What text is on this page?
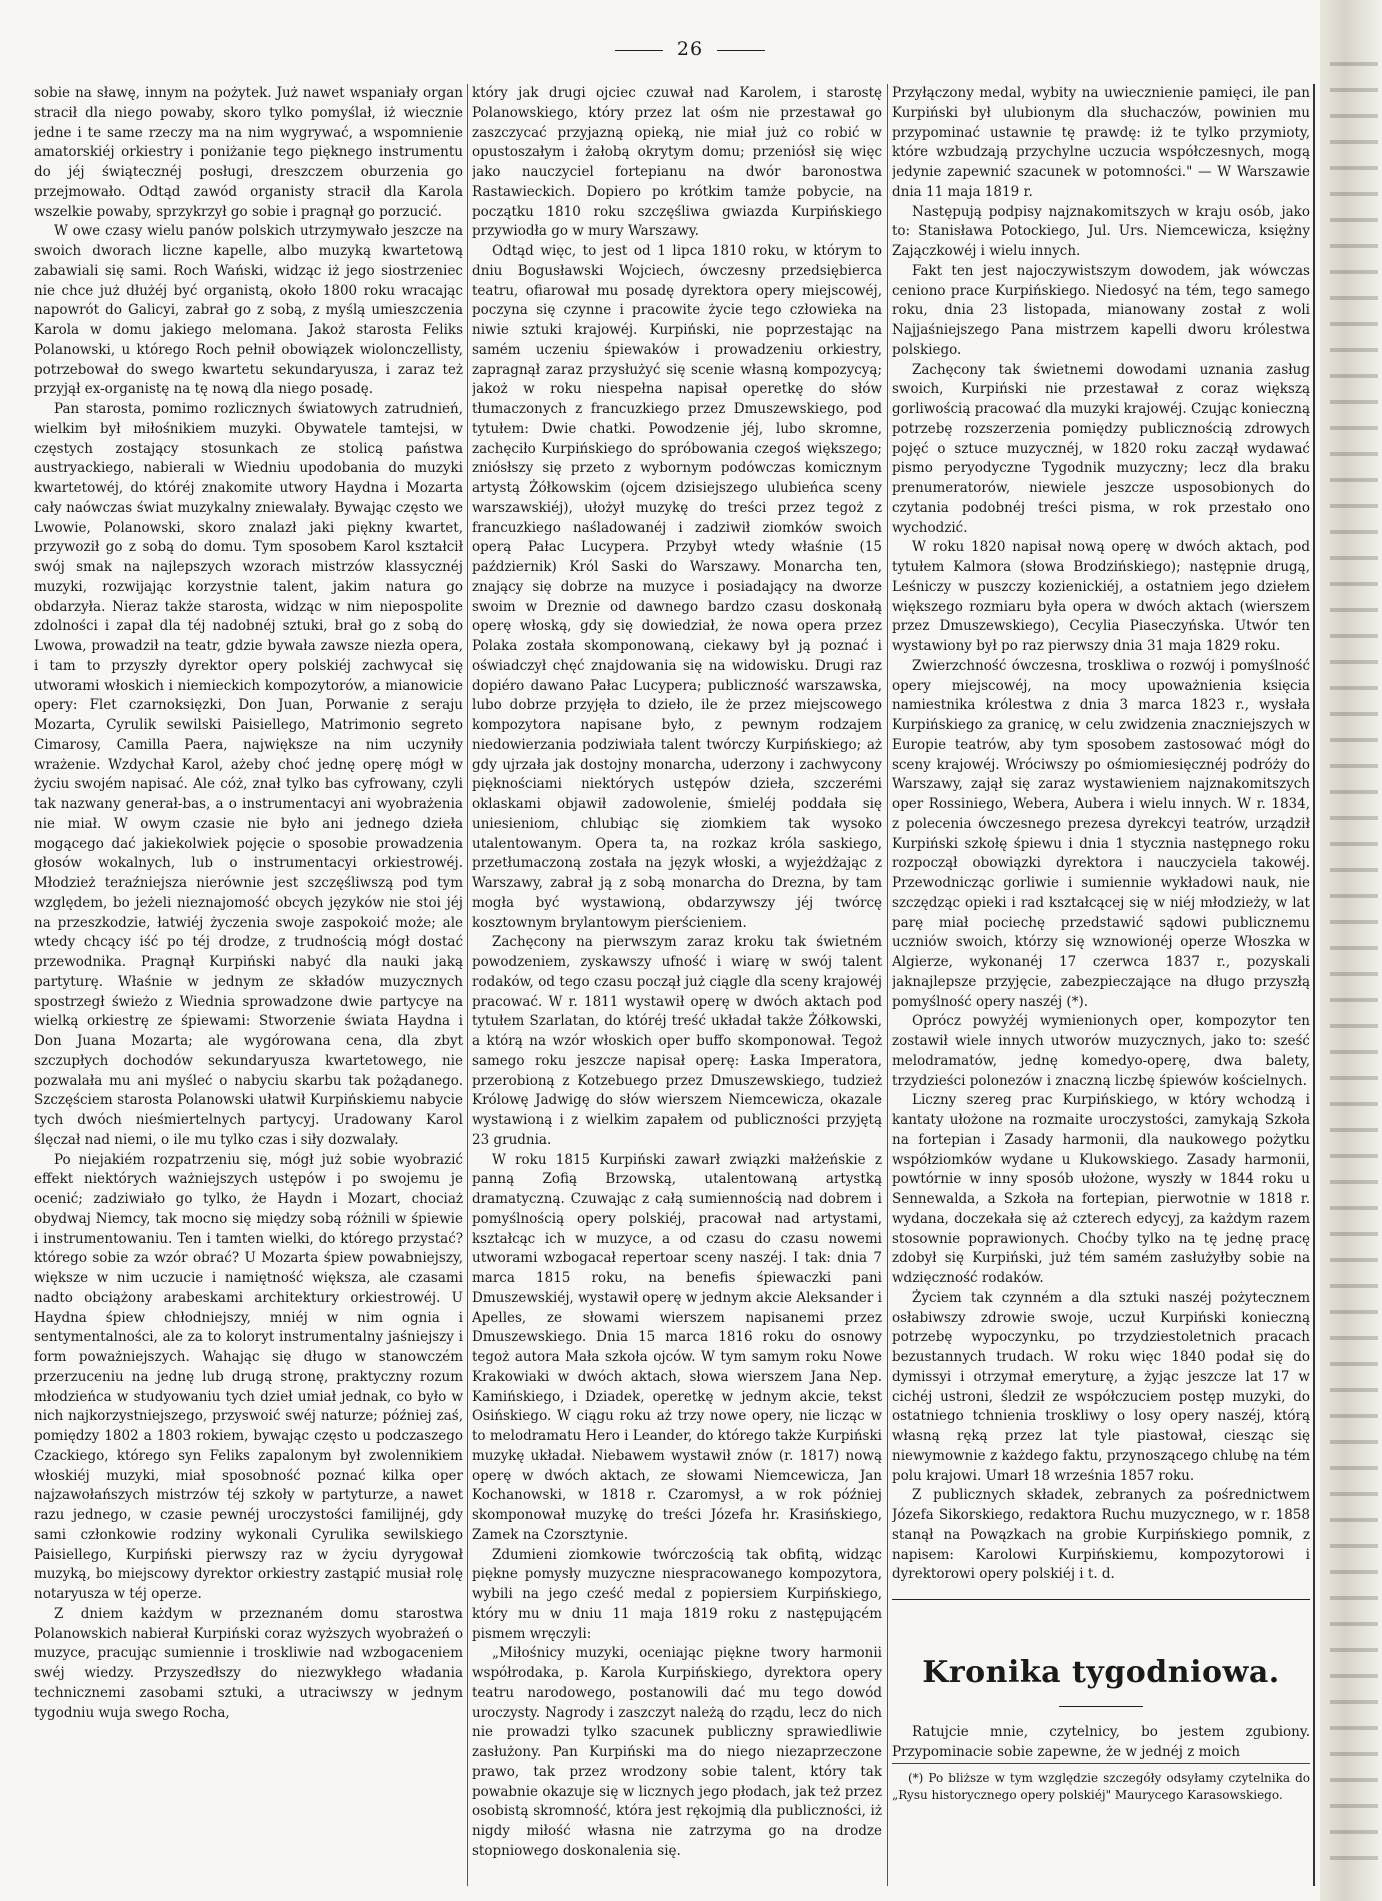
26

sobie na sławę, innym na pożytek. Już nawet wspaniały organ stracił dla niego powaby, skoro tylko pomyślał, iż wiecznie jedne i te same rzeczy ma na nim wygrywać, a wspomnienie amatorskiéj orkiestry i poniżanie tego pięknego instrumentu do jéj świątecznéj posługi, dreszczem oburzenia go przejmowało. Odtąd zawód organisty stracił dla Karola wszelkie powaby, sprzykrzył go sobie i pragnął go porzucić.

W owe czasy wielu panów polskich utrzymywało jeszcze na swoich dworach liczne kapelle, albo muzyką kwartetową zabawiali się sami. Roch Wański, widząc iż jego siostrzeniec nie chce już dłużéj być organistą, około 1800 roku wracając napowrót do Galicyi, zabrał go z sobą, z myślą umieszczenia Karola w domu jakiego melomana. Jakoż starosta Feliks Polanowski, u którego Roch pełnił obowiązek wiolonczellisty, potrzebował do swego kwartetu sekundaryusza, i zaraz też przyjął ex-organistę na tę nową dla niego posadę.

Pan starosta, pomimo rozlicznych światowych zatrudnień, wielkim był miłośnikiem muzyki. Obywatele tamtejsi, w częstych zostający stosunkach ze stolicą państwa austryackiego, nabierali w Wiedniu upodobania do muzyki kwartetowéj, do któréj znakomite utwory Haydna i Mozarta cały naówczas świat muzykalny zniewalały. Bywając często we Lwowie, Polanowski, skoro znalazł jaki piękny kwartet, przywoził go z sobą do domu. Tym sposobem Karol kształcił swój smak na najlepszych wzorach mistrzów klassycznéj muzyki, rozwijając korzystnie talent, jakim natura go obdarzyła. Nieraz także starosta, widząc w nim niepospolite zdolności i zapał dla téj nadobnéj sztuki, brał go z sobą do Lwowa, prowadził na teatr, gdzie bywała zawsze niezła opera, i tam to przyszły dyrektor opery polskiéj zachwycał się utworami włoskich i niemieckich kompozytorów, a mianowicie opery: Flet czarnoksięzki, Don Juan, Porwanie z seraju Mozarta, Cyrulik sewilski Paisiellego, Matrimonio segreto Cimarosy, Camilla Paera, największe na nim uczyniły wrażenie. Wzdychał Karol, ażeby choć jednę operę mógł w życiu swojém napisać. Ale cóż, znał tylko bas cyfrowany, czyli tak nazwany generał-bas, a o instrumentacyi ani wyobrażenia nie miał. W owym czasie nie było ani jednego dzieła mogącego dać jakiekolwiek pojęcie o sposobie prowadzenia głosów wokalnych, lub o instrumentacyi orkiestrowéj. Młodzież teraźniejsza nierównie jest szczęśliwszą pod tym względem, bo jeżeli nieznajomość obcych języków nie stoi jéj na przeszkodzie, łatwiéj życzenia swoje zaspokoić może; ale wtedy chcący iść po téj drodze, z trudnością mógł dostać przewodnika. Pragnął Kurpiński nabyć dla nauki jaką partyturę. Właśnie w jednym ze składów muzycznych spostrzegł świeżo z Wiednia sprowadzone dwie partycye na wielką orkiestrę ze śpiewami: Stworzenie świata Haydna i Don Juana Mozarta; ale wygórowana cena, dla zbyt szczupłych dochodów sekundaryusza kwartetowego, nie pozwalała mu ani myśleć o nabyciu skarbu tak pożądanego. Szczęściem starosta Polanowski ułatwił Kurpińskiemu nabycie tych dwóch nieśmiertelnych partycyj. Uradowany Karol ślęczał nad niemi, o ile mu tylko czas i siły dozwalały.

Po niejakiém rozpatrzeniu się, mógł już sobie wyobrazić effekt niektórych ważniejszych ustępów i po swojemu je ocenić; zadziwiało go tylko, że Haydn i Mozart, chociaż obydwaj Niemcy, tak mocno się między sobą różnili w śpiewie i instrumentowaniu. Ten i tamten wielki, do którego przystać? którego sobie za wzór obrać? U Mozarta śpiew powabniejszy, większe w nim uczucie i namiętność większa, ale czasami nadto obciążony arabeskami architektury orkiestrowéj. U Haydna śpiew chłodniejszy, mniéj w nim ognia i sentymentalności, ale za to koloryt instrumentalny jaśniejszy i form poważniejszych. Wahając się długo w stanowczém przerzuceniu na jednę lub drugą stronę, praktyczny rozum młodzieńca w studyowaniu tych dzieł umiał jednak, co było w nich najkorzystniejszego, przyswoić swéj naturze; później zaś, pomiędzy 1802 a 1803 rokiem, bywając często u podczaszego Czackiego, którego syn Feliks zapalonym był zwolennikiem włoskiéj muzyki, miał sposobność poznać kilka oper najzawołańszych mistrzów téj szkoły w partyturze, a nawet razu jednego, w czasie pewnéj uroczystości familijnéj, gdy sami członkowie rodziny wykonali Cyrulika sewilskiego Paisiellego, Kurpiński pierwszy raz w życiu dyrygował muzyką, bo miejscowy dyrektor orkiestry zastąpić musiał rolę notaryusza w téj operze.

Z dniem każdym w przeznaném domu starostwa Polanowskich nabierał Kurpiński coraz wyższych wyobrażeń o muzyce, pracując sumiennie i troskliwie nad wzbogaceniem swéj wiedzy. Przyszedłszy do niezwykłego władania technicznemi zasobami sztuki, a utraciwszy w jednym tygodniu wuja swego Rocha,

który jak drugi ojciec czuwał nad Karolem, i starostę Polanowskiego, który przez lat ośm nie przestawał go zaszczycać przyjazną opieką, nie miał już co robić w opustoszałym i żałobą okrytym domu; przeniósł się więc jako nauczyciel fortepianu na dwór baronostwa Rastawieckich. Dopiero po krótkim tamże pobycie, na początku 1810 roku szczęśliwa gwiazda Kurpińskiego przywiodła go w mury Warszawy.

Odtąd więc, to jest od 1 lipca 1810 roku, w którym to dniu Bogusławski Wojciech, ówczesny przedsiębierca teatru, ofiarował mu posadę dyrektora opery miejscowéj, poczyna się czynne i pracowite życie tego człowieka na niwie sztuki krajowéj. Kurpiński, nie poprzestając na samém uczeniu śpiewaków i prowadzeniu orkiestry, zapragnął zaraz przysłużyć się scenie własną kompozycyą; jakoż w roku niespełna napisał operetkę do słów tłumaczonych z francuzkiego przez Dmuszewskiego, pod tytułem: Dwie chatki. Powodzenie jéj, lubo skromne, zachęciło Kurpińskiego do spróbowania czegoś większego; zniósłszy się przeto z wybornym podówczas komicznym artystą Żółkowskim (ojcem dzisiejszego ulubieńca sceny warszawskiéj), ułożył muzykę do treści przez tegoż z francuzkiego naśladowanéj i zadziwił ziomków swoich operą Pałac Lucypera. Przybył wtedy właśnie (15 październik) Król Saski do Warszawy. Monarcha ten, znający się dobrze na muzyce i posiadający na dworze swoim w Dreznie od dawnego bardzo czasu doskonałą operę włoską, gdy się dowiedział, że nowa opera przez Polaka została skomponowaną, ciekawy był ją poznać i oświadczył chęć znajdowania się na widowisku. Drugi raz dopiéro dawano Pałac Lucypera; publiczność warszawska, lubo dobrze przyjęła to dzieło, ile że przez miejscowego kompozytora napisane było, z pewnym rodzajem niedowierzania podziwiała talent twórczy Kurpińskiego; aż gdy ujrzała jak dostojny monarcha, uderzony i zachwycony pięknościami niektórych ustępów dzieła, szczerémi oklaskami objawił zadowolenie, śmieléj poddała się uniesieniom, chlubiąc się ziomkiem tak wysoko utalentowanym. Opera ta, na rozkaz króla saskiego, przetłumaczoną została na język włoski, a wyjeżdżając z Warszawy, zabrał ją z sobą monarcha do Drezna, by tam mogła być wystawioną, obdarzywszy jéj twórcę kosztownym brylantowym pierścieniem.

Zachęcony na pierwszym zaraz kroku tak świetném powodzeniem, zyskawszy ufność i wiarę w swój talent rodaków, od tego czasu począł już ciągle dla sceny krajowéj pracować. W r. 1811 wystawił operę w dwóch aktach pod tytułem Szarlatan, do któréj treść układał także Żółkowski, a którą na wzór włoskich oper buffo skomponował. Tegoż samego roku jeszcze napisał operę: Łaska Imperatora, przerobioną z Kotzebuego przez Dmuszewskiego, tudzież Królowę Jadwigę do słów wierszem Niemcewicza, okazale wystawioną i z wielkim zapałem od publiczności przyjętą 23 grudnia.

W roku 1815 Kurpiński zawarł związki małżeńskie z panną Zofią Brzowską, utalentowaną artystką dramatyczną. Czuwając z całą sumiennością nad dobrem i pomyślnością opery polskiéj, pracował nad artystami, kształcąc ich w muzyce, a od czasu do czasu nowemi utworami wzbogacał repertoar sceny naszéj. I tak: dnia 7 marca 1815 roku, na benefis śpiewaczki pani Dmuszewskiéj, wystawił operę w jednym akcie Aleksander i Apelles, ze słowami wierszem napisanemi przez Dmuszewskiego. Dnia 15 marca 1816 roku do osnowy tegoż autora Mała szkoła ojców. W tym samym roku Nowe Krakowiaki w dwóch aktach, słowa wierszem Jana Nep. Kamińskiego, i Dziadek, operetkę w jednym akcie, tekst Osińskiego. W ciągu roku aż trzy nowe opery, nie licząc w to melodramatu Hero i Leander, do którego także Kurpiński muzykę układał. Niebawem wystawił znów (r. 1817) nową operę w dwóch aktach, ze słowami Niemcewicza, Jan Kochanowski, w 1818 r. Czaromysł, a w rok później skomponował muzykę do treści Józefa hr. Krasińskiego, Zamek na Czorsztynie.

Zdumieni ziomkowie twórczością tak obfitą, widząc piękne pomysły muzyczne niespracowanego kompozytora, wybili na jego cześć medal z popiersiem Kurpińskiego, który mu w dniu 11 maja 1819 roku z następującém pismem wręczyli:

„Miłośnicy muzyki, oceniając piękne twory harmonii współrodaka, p. Karola Kurpińskiego, dyrektora opery teatru narodowego, postanowili dać mu tego dowód uroczysty. Nagrody i zaszczyt należą do rządu, lecz do nich nie prowadzi tylko szacunek publiczny sprawiedliwie zasłużony. Pan Kurpiński ma do niego niezaprzeczone prawo, tak przez wrodzony sobie talent, który tak powabnie okazuje się w licznych jego płodach, jak też przez osobistą skromność, która jest rękojmią dla publiczności, iż nigdy miłość własna nie zatrzyma go na drodze stopniowego doskonalenia się.

Przyłączony medal, wybity na uwiecznienie pamięci, ile pan Kurpiński był ulubionym dla słuchaczów, powinien mu przypominać ustawnie tę prawdę: iż te tylko przymioty, które wzbudzają przychylne uczucia współczesnych, mogą jedynie zapewnić szacunek w potomności." — W Warszawie dnia 11 maja 1819 r.

Następują podpisy najznakomitszych w kraju osób, jako to: Stanisława Potockiego, Jul. Urs. Niemcewicza, księżny Zajączkowéj i wielu innych.

Fakt ten jest najoczywistszym dowodem, jak wówczas ceniono prace Kurpińskiego. Niedosyć na tém, tego samego roku, dnia 23 listopada, mianowany został z woli Najjaśniejszego Pana mistrzem kapelli dworu królestwa polskiego.

Zachęcony tak świetnemi dowodami uznania zasług swoich, Kurpiński nie przestawał z coraz większą gorliwością pracować dla muzyki krajowéj. Czując konieczną potrzebę rozszerzenia pomiędzy publicznością zdrowych pojęć o sztuce muzycznéj, w 1820 roku zaczął wydawać pismo peryodyczne Tygodnik muzyczny; lecz dla braku prenumeratorów, niewiele jeszcze usposobionych do czytania podobnéj treści pisma, w rok przestało ono wychodzić.

W roku 1820 napisał nową operę w dwóch aktach, pod tytułem Kalmora (słowa Brodzińskiego); następnie drugą, Leśniczy w puszczy kozienickiéj, a ostatniem jego dziełem większego rozmiaru była opera w dwóch aktach (wierszem przez Dmuszewskiego), Cecylia Piaseczyńska. Utwór ten wystawiony był po raz pierwszy dnia 31 maja 1829 roku.

Zwierzchność ówczesna, troskliwa o rozwój i pomyślność opery miejscowéj, na mocy upoważnienia księcia namiestnika królestwa z dnia 3 marca 1823 r., wysłała Kurpińskiego za granicę, w celu zwidzenia znaczniejszych w Europie teatrów, aby tym sposobem zastosować mógł do sceny krajowéj. Wróciwszy po ośmiomiesięcznéj podróży do Warszawy, zajął się zaraz wystawieniem najznakomitszych oper Rossiniego, Webera, Aubera i wielu innych. W r. 1834, z polecenia ówczesnego prezesa dyrekcyi teatrów, urządził Kurpiński szkołę śpiewu i dnia 1 stycznia następnego roku rozpoczął obowiązki dyrektora i nauczyciela takowéj. Przewodnicząc gorliwie i sumiennie wykładowi nauk, nie szczędząc opieki i rad kształcącej się w niéj młodzieży, w lat parę miał pociechę przedstawić sądowi publicznemu uczniów swoich, którzy się wznowionéj operze Włoszka w Algierze, wykonanéj 17 czerwca 1837 r., pozyskali jaknajlepsze przyjęcie, zabezpieczające na długo przyszłą pomyślność opery naszéj (*).

Oprócz powyżéj wymienionych oper, kompozytor ten zostawił wiele innych utworów muzycznych, jako to: sześć melodramatów, jednę komedyo-operę, dwa balety, trzydzieści polonezów i znaczną liczbę śpiewów kościelnych.

Liczny szereg prac Kurpińskiego, w który wchodzą i kantaty ułożone na rozmaite uroczystości, zamykają Szkoła na fortepian i Zasady harmonii, dla naukowego pożytku współziomków wydane u Klukowskiego. Zasady harmonii, powtórnie w inny sposób ułożone, wyszły w 1844 roku u Sennewalda, a Szkoła na fortepian, pierwotnie w 1818 r. wydana, doczekała się aż czterech edycyj, za każdym razem stosownie poprawionych. Choćby tylko na tę jednę pracę zdobył się Kurpiński, już tém samém zasłużyłby sobie na wdzięczność rodaków.

Życiem tak czynném a dla sztuki naszéj pożytecznem osłabiwszy zdrowie swoje, uczuł Kurpiński konieczną potrzebę wypoczynku, po trzydziestoletnich pracach bezustannych trudach. W roku więc 1840 podał się do dymissyi i otrzymał emeryturę, a żyjąc jeszcze lat 17 w cichéj ustroni, śledził ze współczuciem postęp muzyki, do ostatniego tchnienia troskliwy o losy opery naszéj, którą własną ręką przez lat tyle piastował, ciesząc się niewymownie z każdego faktu, przynoszącego chlubę na tém polu krajowi. Umarł 18 września 1857 roku.

Z publicznych składek, zebranych za pośrednictwem Józefa Sikorskiego, redaktora Ruchu muzycznego, w r. 1858 stanął na Powązkach na grobie Kurpińskiego pomnik, z napisem: Karolowi Kurpińskiemu, kompozytorowi i dyrektorowi opery polskiéj i t. d.

Kronika tygodniowa.

Ratujcie mnie, czytelnicy, bo jestem zgubiony. Przypominacie sobie zapewne, że w jednéj z moich

(*) Po bliższe w tym względzie szczegóły odsyłamy czytelnika do „Rysu historycznego opery polskiéj" Maurycego Karasowskiego.
